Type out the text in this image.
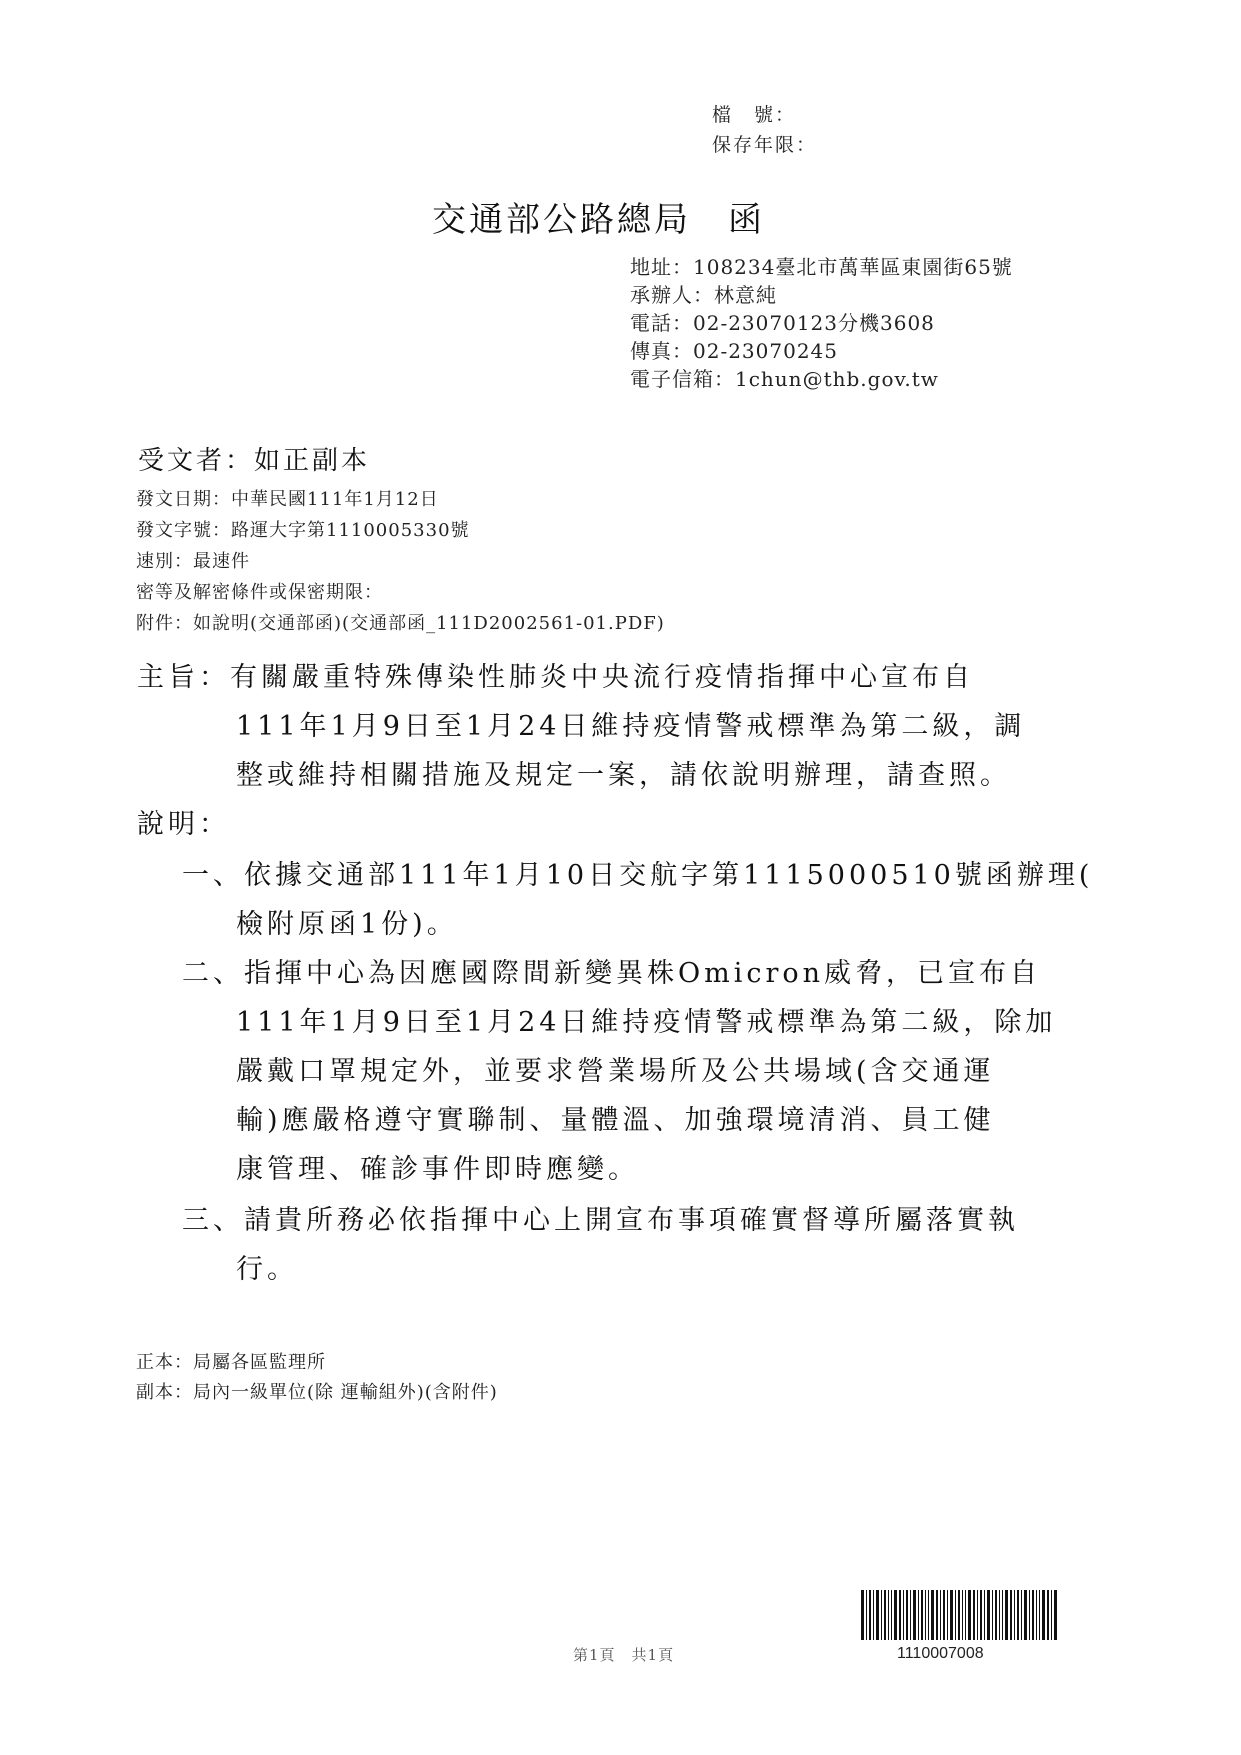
檔　號：
保存年限：
交通部公路總局　函
地址：108234臺北市萬華區東園街65號
承辦人：林意純
電話：02-23070123分機3608
傳真：02-23070245
電子信箱：1chun@thb.gov.tw
受文者：如正副本
發文日期：中華民國111年1月12日
發文字號：路運大字第1110005330號
速別：最速件
密等及解密條件或保密期限：
附件：如說明(交通部函)(交通部函_111D2002561-01.PDF)
主旨：有關嚴重特殊傳染性肺炎中央流行疫情指揮中心宣布自
111年1月9日至1月24日維持疫情警戒標準為第二級，調
整或維持相關措施及規定一案，請依說明辦理，請查照。
說明：
一、依據交通部111年1月10日交航字第1115000510號函辦理(
檢附原函1份)。
二、指揮中心為因應國際間新變異株Omicron威脅，已宣布自
111年1月9日至1月24日維持疫情警戒標準為第二級，除加
嚴戴口罩規定外，並要求營業場所及公共場域(含交通運
輸)應嚴格遵守實聯制、量體溫、加強環境清消、員工健
康管理、確診事件即時應變。
三、請貴所務必依指揮中心上開宣布事項確實督導所屬落實執
行。
正本：局屬各區監理所
副本：局內一級單位(除 運輸組外)(含附件)
第1頁　共1頁	1110007008
